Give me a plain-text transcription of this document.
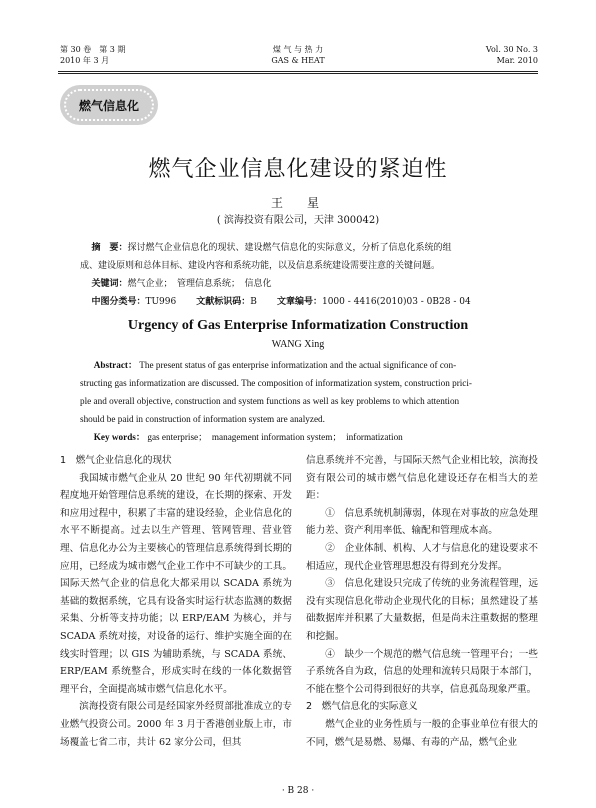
第 30 卷　第 3 期
2010 年 3 月
煤 气 与 热 力
GAS & HEAT
Vol. 30 No. 3
Mar. 2010
燃气信息化
燃气企业信息化建设的紧迫性
王　星
( 滨海投资有限公司，天津 300042)

摘　要：探讨燃气企业信息化的现状、建设燃气信息化的实际意义，分析了信息化系统的组

成、建设原则和总体目标、建设内容和系统功能，以及信息系统建设需要注意的关键问题。

关键词：燃气企业；　管理信息系统；　信息化

中图分类号：TU996 文献标识码：B 文章编号：1000 - 4416(2010)03 - 0B28 - 04

Urgency of Gas Enterprise Informatization Construction
WANG Xing

Abstract： The present status of gas enterprise informatization and the actual significance of con-

structing gas informatization are discussed. The composition of informatization system, construction prici-

ple and overall objective, construction and system functions as well as key problems to which attention

should be paid in construction of information system are analyzed.

Key words： gas enterprise；　management information system；　informatization

1　燃气企业信息化的现状

我国城市燃气企业从 20 世纪 90 年代初期就不同程度地开始管理信息系统的建设，在长期的探索、开发和应用过程中，积累了丰富的建设经验，企业信息化的水平不断提高。过去以生产管理、管网管理、营业管理、信息化办公为主要核心的管理信息系统得到长期的应用，已经成为城市燃气企业工作中不可缺少的工具。国际天然气企业的信息化大都采用以 SCADA 系统为基础的数据系统，它具有设备实时运行状态监测的数据采集、分析等支持功能；以 ERP/EAM 为核心，并与 SCADA 系统对接，对设备的运行、维护实施全面的在线实时管理；以 GIS 为辅助系统，与 SCADA 系统、ERP/EAM 系统整合，形成实时在线的一体化数据管理平台，全面提高城市燃气信息化水平。

滨海投资有限公司是经国家外经贸部批准成立的专业燃气投资公司。2000 年 3 月于香港创业版上市，市场覆盖七省二市，共计 62 家分公司，但其

信息系统并不完善，与国际天然气企业相比较，滨海投资有限公司的城市燃气信息化建设还存在相当大的差距：

①　信息系统机制薄弱，体现在对事故的应急处理能力差、资产利用率低、输配和管理成本高。

②　企业体制、机构、人才与信息化的建设要求不相适应，现代企业管理思想没有得到充分发挥。

③　信息化建设只完成了传统的业务流程管理，远没有实现信息化带动企业现代化的目标；虽然建设了基础数据库并积累了大量数据，但是尚未注重数据的整理和挖掘。

④　缺少一个规范的燃气信息统一管理平台；一些子系统各自为政，信息的处理和流转只局限于本部门，不能在整个公司得到很好的共享，信息孤岛现象严重。

2　燃气信息化的实际意义

燃气企业的业务性质与一般的企事业单位有很大的不同，燃气是易燃、易爆、有毒的产品，燃气企业

· B 28 ·
